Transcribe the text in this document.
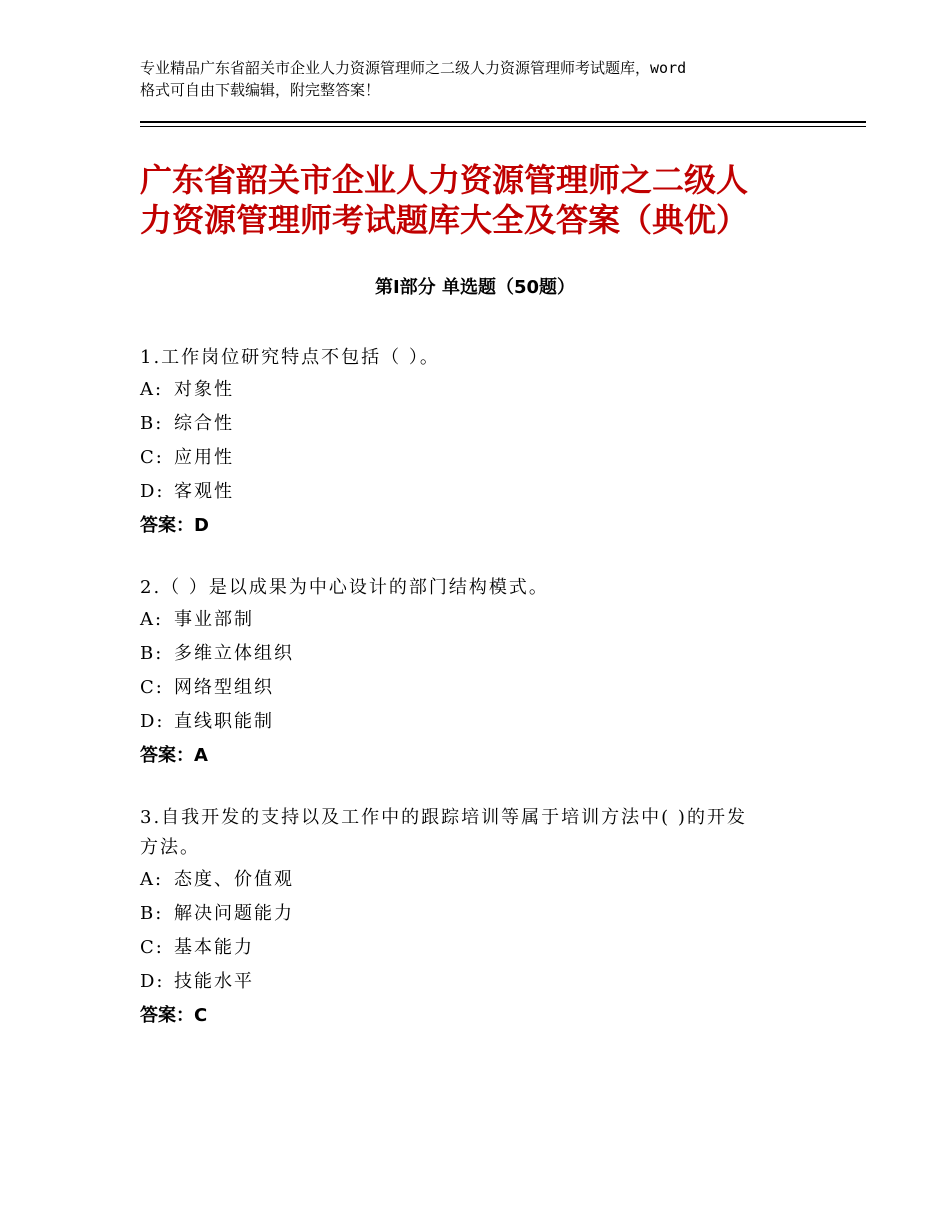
专业精品广东省韶关市企业人力资源管理师之二级人力资源管理师考试题库，word
格式可自由下载编辑，附完整答案！
广东省韶关市企业人力资源管理师之二级人
力资源管理师考试题库大全及答案（典优）
第Ⅰ部分 单选题（50题）
1.工作岗位研究特点不包括（ ）。
A: 对象性
B: 综合性
C: 应用性
D: 客观性
答案：D
2.（ ）是以成果为中心设计的部门结构模式。
A: 事业部制
B: 多维立体组织
C: 网络型组织
D: 直线职能制
答案：A
3.自我开发的支持以及工作中的跟踪培训等属于培训方法中( )的开发
方法。
A: 态度、价值观
B: 解决问题能力
C: 基本能力
D: 技能水平
答案：C
